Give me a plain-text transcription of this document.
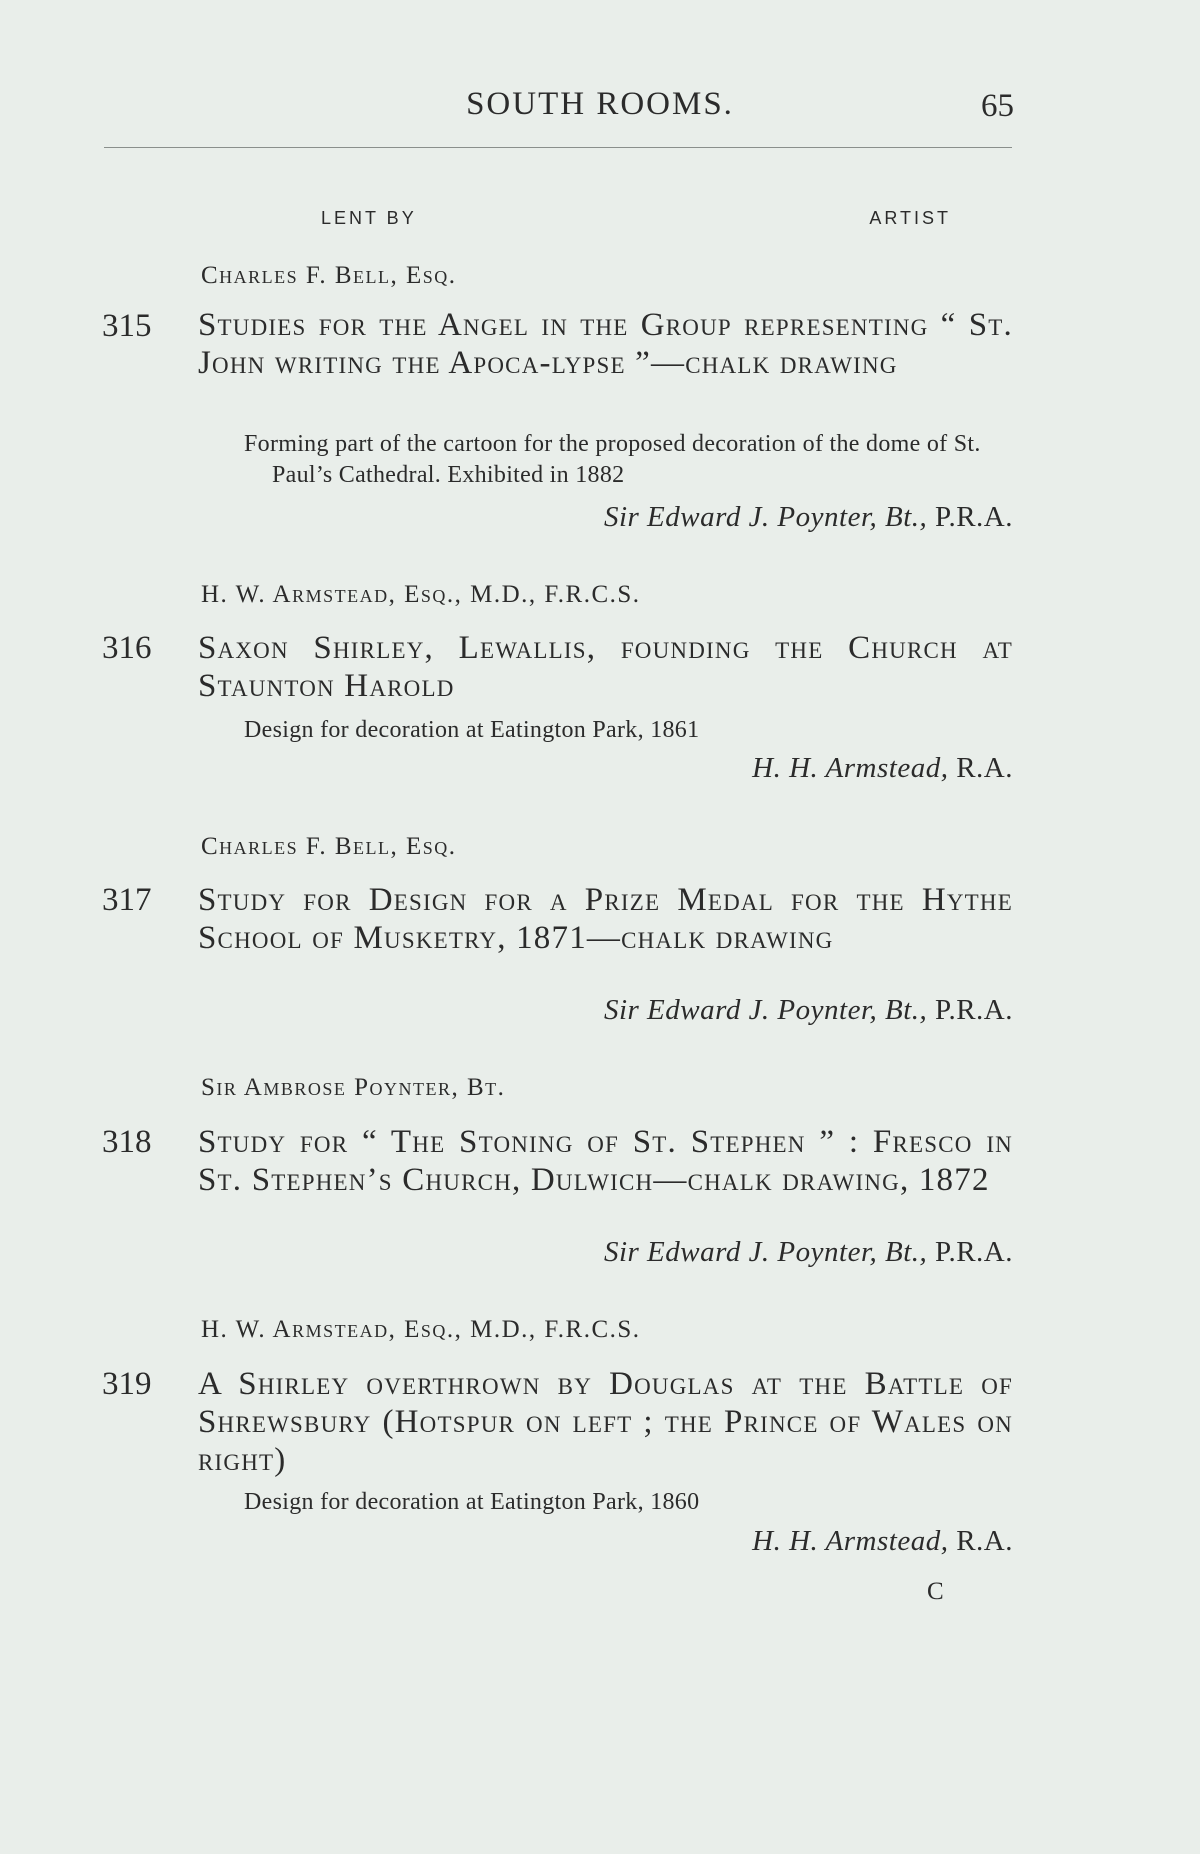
SOUTH ROOMS.	65
LENT BY	ARTIST
Charles F. Bell, Esq.
315 Studies for the Angel in the Group representing “ St. John writing the Apoca-lypse ”—chalk drawing
Forming part of the cartoon for the proposed decoration of the dome of St. Paul’s Cathedral. Exhibited in 1882
Sir Edward J. Poynter, Bt., P.R.A.
H. W. Armstead, Esq., M.D., F.R.C.S.
316 Saxon Shirley, Lewallis, founding the Church at Staunton Harold
Design for decoration at Eatington Park, 1861
H. H. Armstead, R.A.
Charles F. Bell, Esq.
317 Study for Design for a Prize Medal for the Hythe School of Musketry, 1871—chalk drawing
Sir Edward J. Poynter, Bt., P.R.A.
Sir Ambrose Poynter, Bt.
318 Study for “ The Stoning of St. Stephen ” : Fresco in St. Stephen’s Church, Dulwich—chalk drawing, 1872
Sir Edward J. Poynter, Bt., P.R.A.
H. W. Armstead, Esq., M.D., F.R.C.S.
319 A Shirley overthrown by Douglas at the Battle of Shrewsbury (Hotspur on left ; the Prince of Wales on right)
Design for decoration at Eatington Park, 1860
H. H. Armstead, R.A.
C
